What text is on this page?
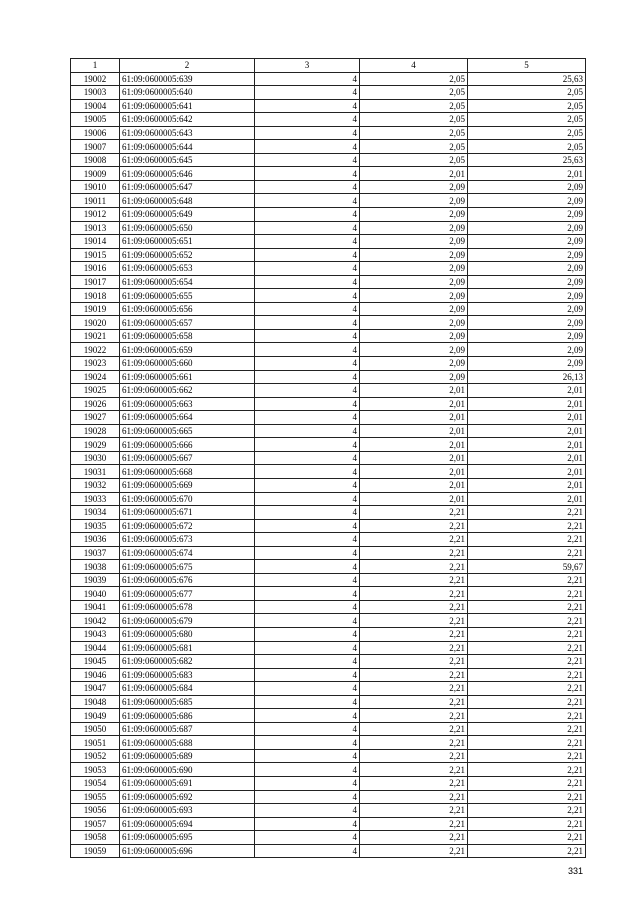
1	2	3	4	5
19002	61:09:0600005:639	4	2,05	25,63
19003	61:09:0600005:640	4	2,05	2,05
19004	61:09:0600005:641	4	2,05	2,05
19005	61:09:0600005:642	4	2,05	2,05
19006	61:09:0600005:643	4	2,05	2,05
19007	61:09:0600005:644	4	2,05	2,05
19008	61:09:0600005:645	4	2,05	25,63
19009	61:09:0600005:646	4	2,01	2,01
19010	61:09:0600005:647	4	2,09	2,09
19011	61:09:0600005:648	4	2,09	2,09
19012	61:09:0600005:649	4	2,09	2,09
19013	61:09:0600005:650	4	2,09	2,09
19014	61:09:0600005:651	4	2,09	2,09
19015	61:09:0600005:652	4	2,09	2,09
19016	61:09:0600005:653	4	2,09	2,09
19017	61:09:0600005:654	4	2,09	2,09
19018	61:09:0600005:655	4	2,09	2,09
19019	61:09:0600005:656	4	2,09	2,09
19020	61:09:0600005:657	4	2,09	2,09
19021	61:09:0600005:658	4	2,09	2,09
19022	61:09:0600005:659	4	2,09	2,09
19023	61:09:0600005:660	4	2,09	2,09
19024	61:09:0600005:661	4	2,09	26,13
19025	61:09:0600005:662	4	2,01	2,01
19026	61:09:0600005:663	4	2,01	2,01
19027	61:09:0600005:664	4	2,01	2,01
19028	61:09:0600005:665	4	2,01	2,01
19029	61:09:0600005:666	4	2,01	2,01
19030	61:09:0600005:667	4	2,01	2,01
19031	61:09:0600005:668	4	2,01	2,01
19032	61:09:0600005:669	4	2,01	2,01
19033	61:09:0600005:670	4	2,01	2,01
19034	61:09:0600005:671	4	2,21	2,21
19035	61:09:0600005:672	4	2,21	2,21
19036	61:09:0600005:673	4	2,21	2,21
19037	61:09:0600005:674	4	2,21	2,21
19038	61:09:0600005:675	4	2,21	59,67
19039	61:09:0600005:676	4	2,21	2,21
19040	61:09:0600005:677	4	2,21	2,21
19041	61:09:0600005:678	4	2,21	2,21
19042	61:09:0600005:679	4	2,21	2,21
19043	61:09:0600005:680	4	2,21	2,21
19044	61:09:0600005:681	4	2,21	2,21
19045	61:09:0600005:682	4	2,21	2,21
19046	61:09:0600005:683	4	2,21	2,21
19047	61:09:0600005:684	4	2,21	2,21
19048	61:09:0600005:685	4	2,21	2,21
19049	61:09:0600005:686	4	2,21	2,21
19050	61:09:0600005:687	4	2,21	2,21
19051	61:09:0600005:688	4	2,21	2,21
19052	61:09:0600005:689	4	2,21	2,21
19053	61:09:0600005:690	4	2,21	2,21
19054	61:09:0600005:691	4	2,21	2,21
19055	61:09:0600005:692	4	2,21	2,21
19056	61:09:0600005:693	4	2,21	2,21
19057	61:09:0600005:694	4	2,21	2,21
19058	61:09:0600005:695	4	2,21	2,21
19059	61:09:0600005:696	4	2,21	2,21
331
